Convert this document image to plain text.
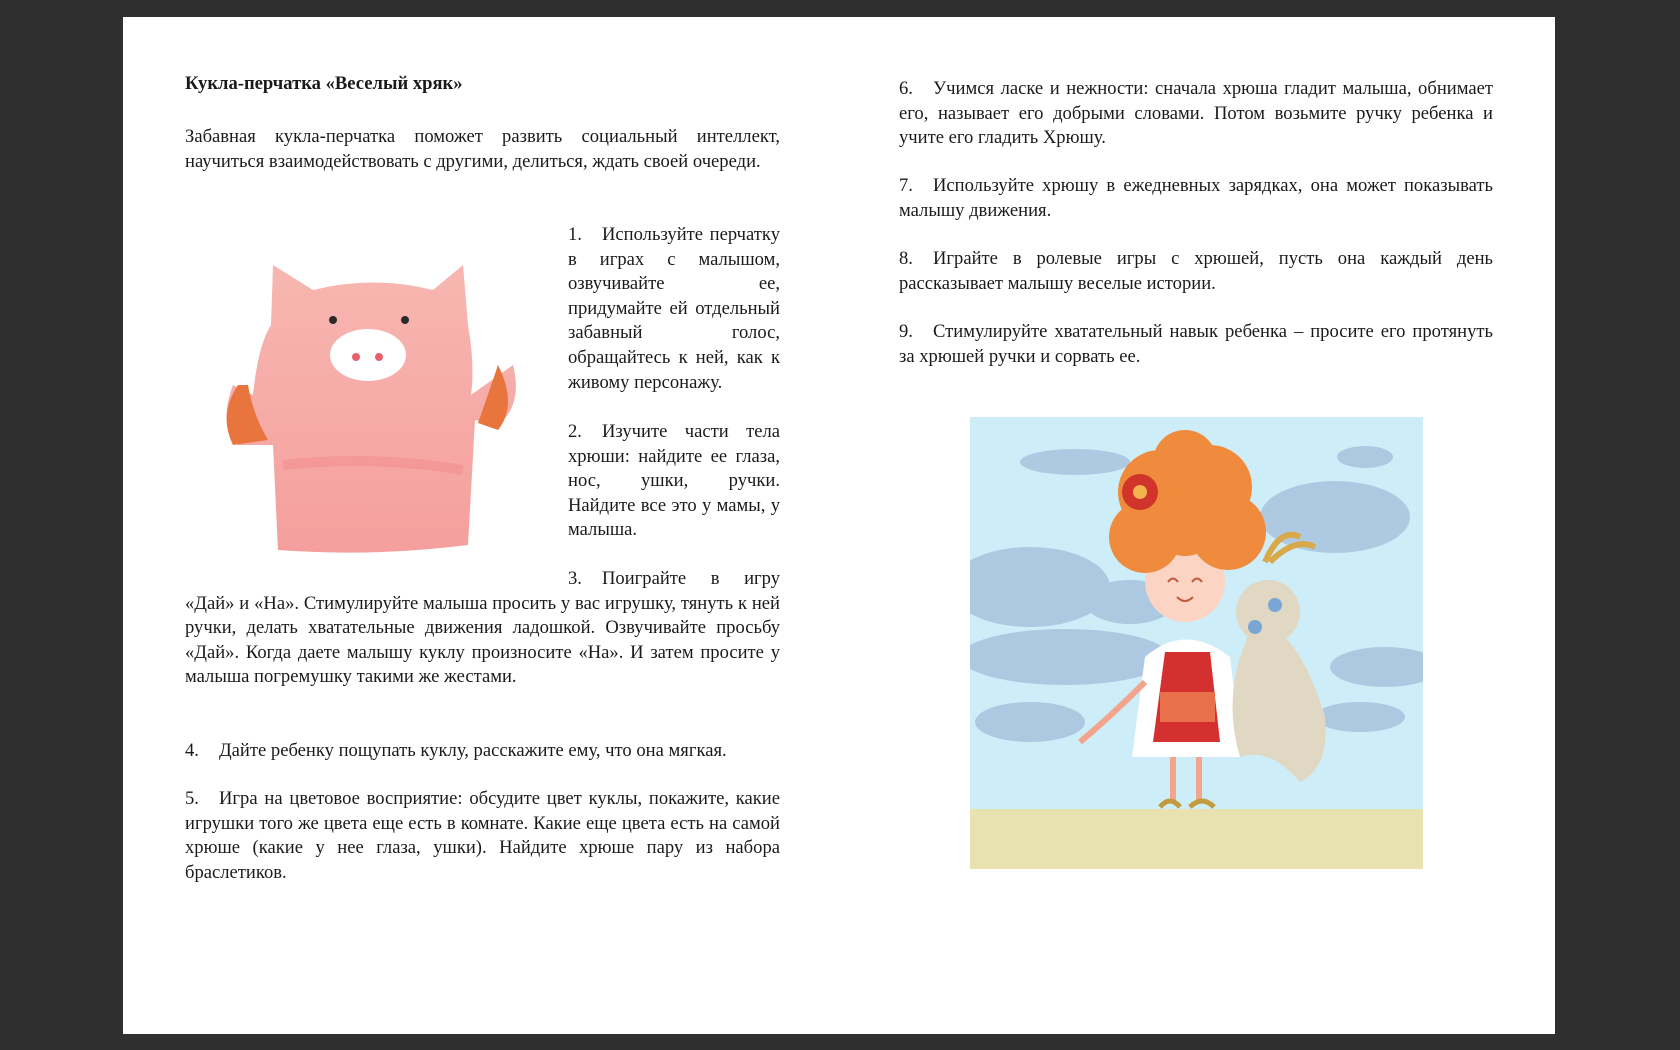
Кукла-перчатка «Веселый хряк»

Забавная кукла-перчатка поможет развить социальный интеллект, научиться взаимодействовать с другими, делиться, ждать своей очереди.

1. Используйте перчатку в играх с малышом, озвучивайте ее, придумайте ей отдельный забавный голос, обращайтесь к ней, как к живому персонажу.
2. Изучите части тела хрюши: найдите ее глаза, нос, ушки, ручки. Найдите все это у мамы, у малыша.
3. Поиграйте в игру «Дай» и «На». Стимулируйте малыша просить у вас игрушку, тянуть к ней ручки, делать хватательные движения ладошкой. Озвучивайте просьбу «Дай». Когда даете малышу куклу произносите «На». И затем просите у малыша погремушку такими же жестами.
4. Дайте ребенку пощупать куклу, расскажите ему, что она мягкая.
5. Игра на цветовое восприятие: обсудите цвет куклы, покажите, какие игрушки того же цвета еще есть в комнате. Какие еще цвета есть на самой хрюше (какие у нее глаза, ушки). Найдите хрюше пару из набора браслетиков.
6. Учимся ласке и нежности: сначала хрюша гладит малыша, обнимает его, называет его добрыми словами. Потом возьмите ручку ребенка и учите его гладить Хрюшу.
7. Используйте хрюшу в ежедневных зарядках, она может показывать малышу движения.
8. Играйте в ролевые игры с хрюшей, пусть она каждый день рассказывает малышу веселые истории.
9. Стимулируйте хватательный навык ребенка – просите его протянуть за хрюшей ручки и сорвать ее.
